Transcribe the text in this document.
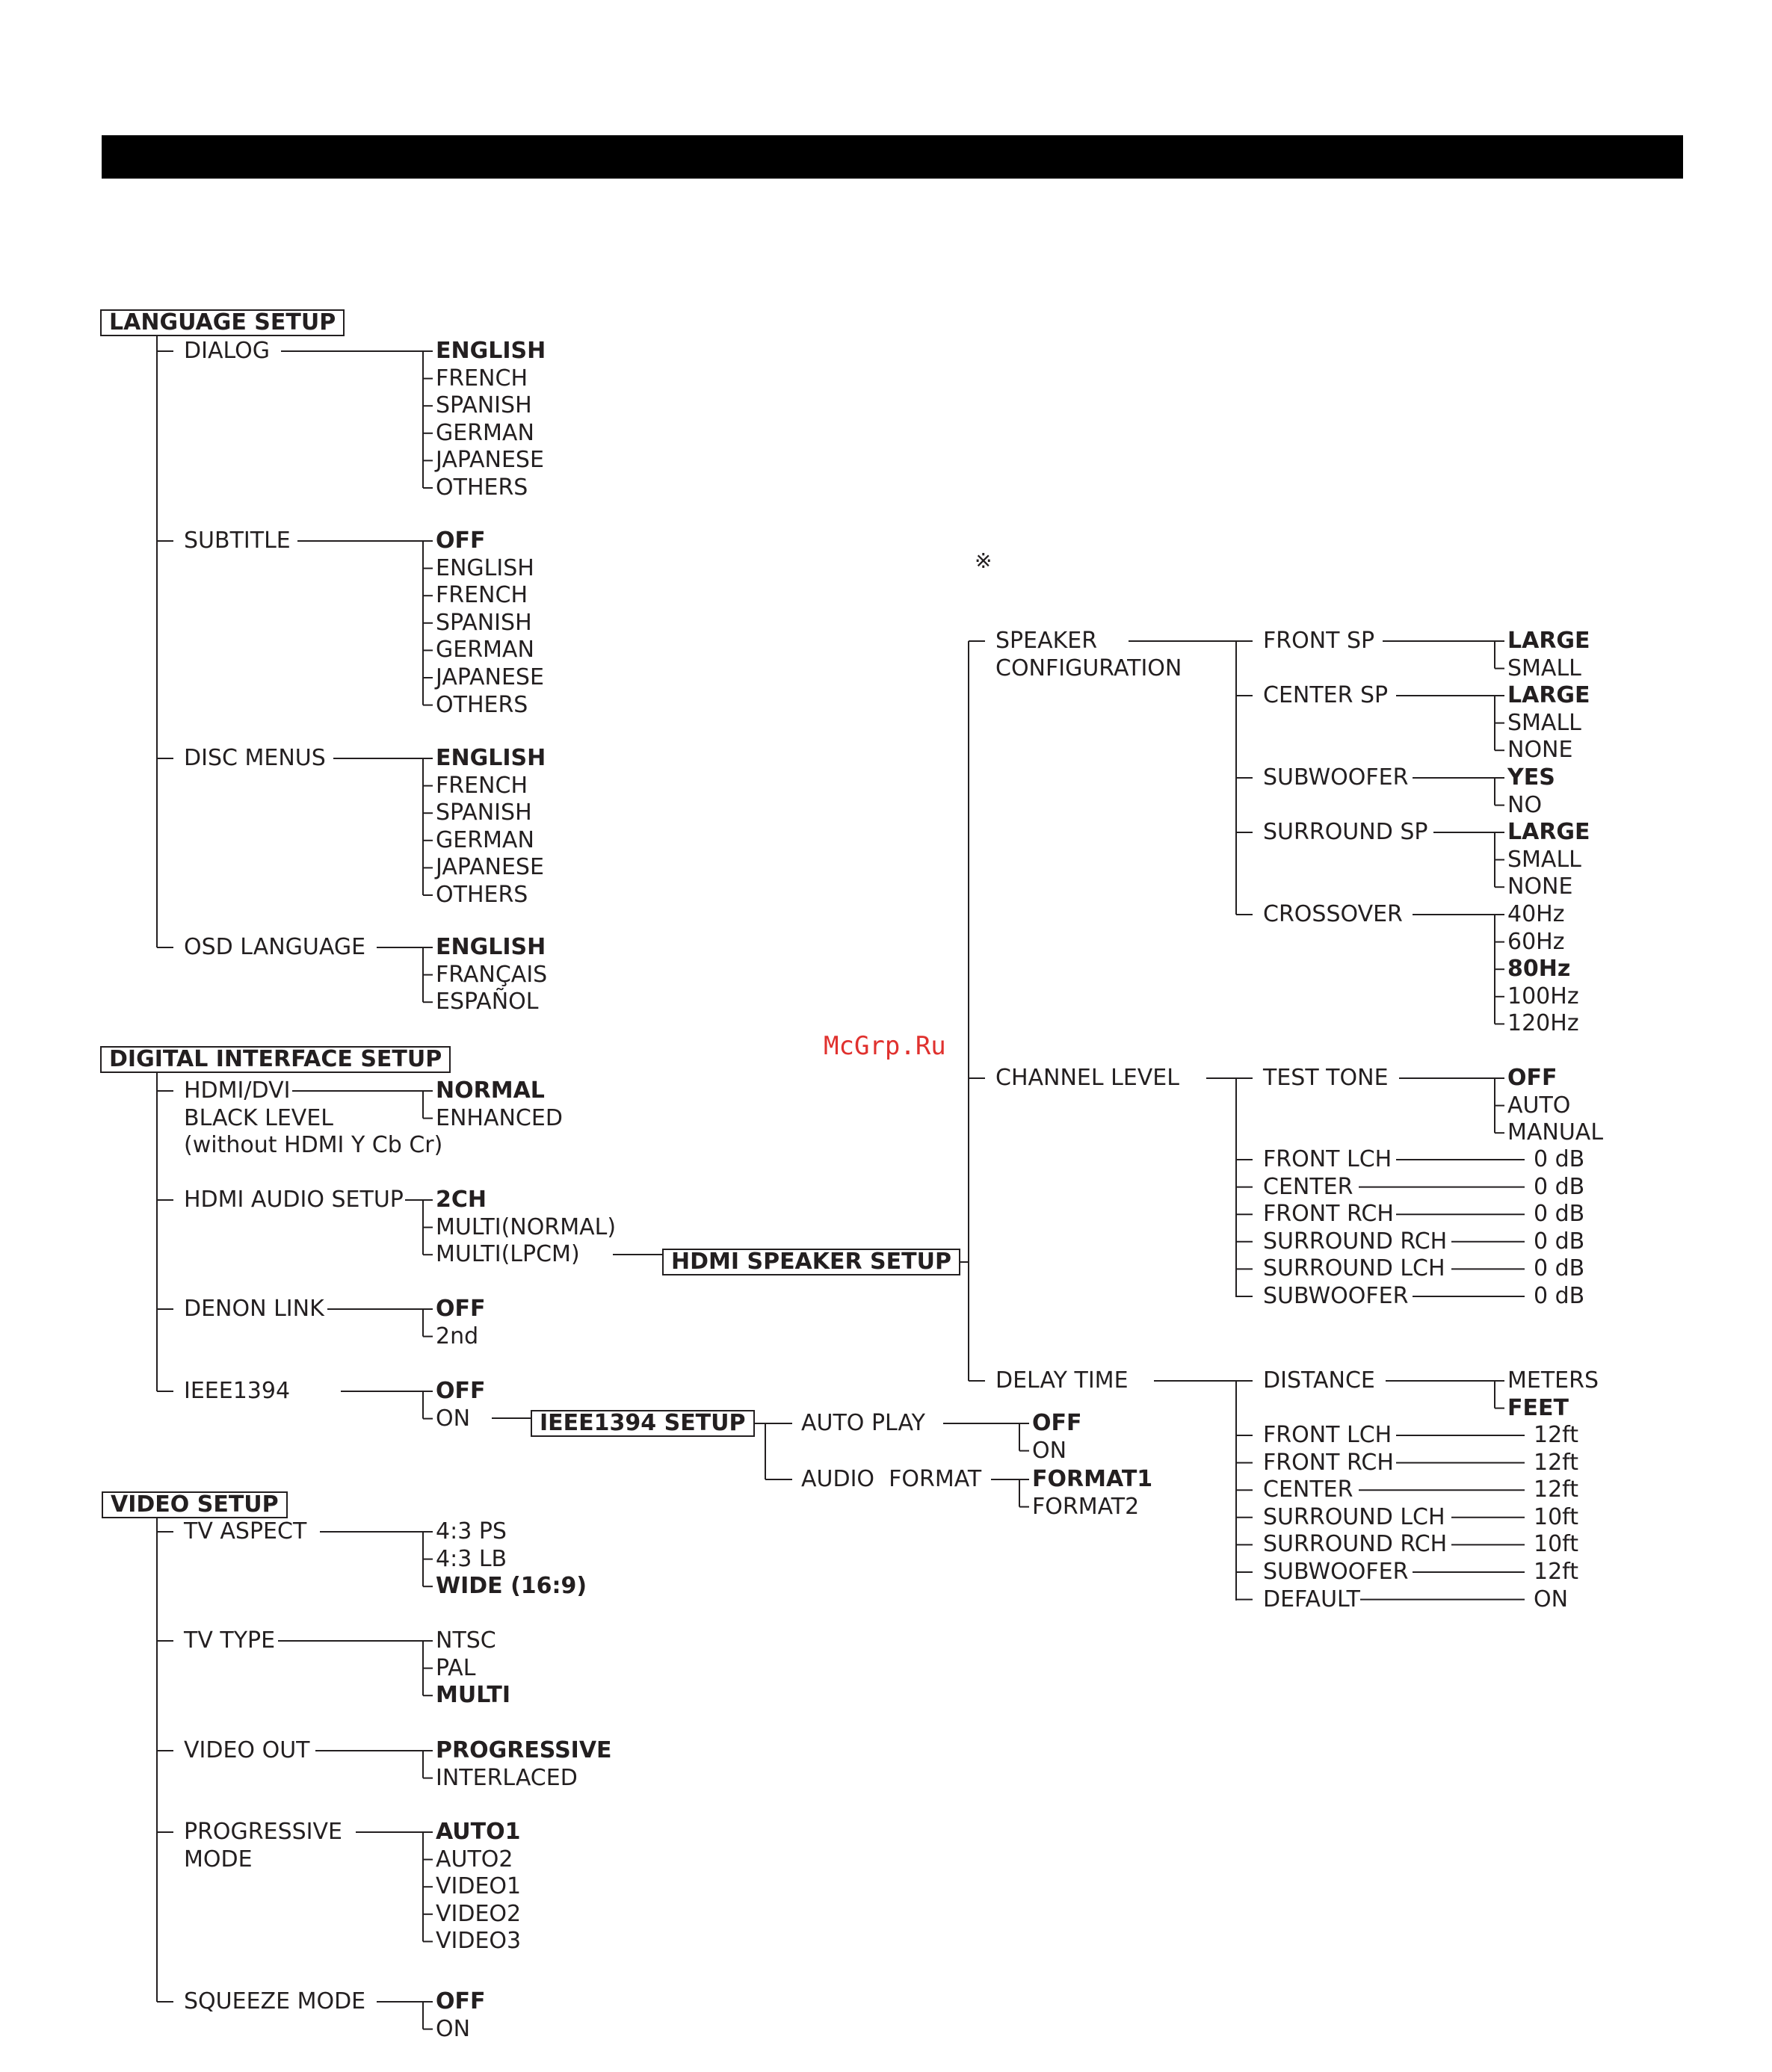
LANGUAGE SETUP
DIALOG	ENGLISH
FRENCH
SPANISH
GERMAN
JAPANESE
OTHERS
SUBTITLE	OFF
ENGLISH
FRENCH
SPANISH
GERMAN
JAPANESE
OTHERS
DISC MENUS	ENGLISH
FRENCH
SPANISH
GERMAN
JAPANESE
OTHERS
OSD LANGUAGE	ENGLISH
FRANÇAIS
ESPAÑOL
DIGITAL INTERFACE SETUP
HDMI/DVI
BLACK LEVEL
(without HDMI Y Cb Cr)
NORMAL
ENHANCED
HDMI AUDIO SETUP 2CH
MULTI(NORMAL)
MULTI(LPCM)
DENON LINK	OFF
2nd
IEEE1394	OFF
ON
HDMI SPEAKER SETUP
IEEE1394 SETUP	AUTO PLAY	OFF
ON
AUDIO  FORMAT FORMAT1
FORMAT2
VIDEO SETUP
TV ASPECT	4:3 PS
4:3 LB
WIDE (16:9)
TV TYPE	NTSC
PAL
MULTI
VIDEO OUT	PROGRESSIVE
INTERLACED
PROGRESSIVE
MODE
AUTO1
AUTO2
VIDEO1
VIDEO2
VIDEO3
SQUEEZE MODE	OFF
ON
SPEAKER
CONFIGURATION
FRONT SP	LARGE
SMALL
CENTER SP	LARGE
SMALL
NONE
SUBWOOFER	YES
NO
SURROUND SP	LARGE
SMALL
NONE
CROSSOVER	40Hz
60Hz
80Hz
100Hz
120Hz
CHANNEL LEVEL	TEST TONE	OFF
AUTO
MANUAL
FRONT LCH	0 dB
CENTER	0 dB
FRONT RCH	0 dB
SURROUND RCH	0 dB
SURROUND LCH	0 dB
SUBWOOFER	0 dB
DELAY TIME	DISTANCE	METERS
FEET
FRONT LCH	12ft
FRONT RCH	12ft
CENTER	12ft
SURROUND LCH	10ft
SURROUND RCH	10ft
SUBWOOFER	12ft
DEFAULT	ON
※
McGrp.Ru
